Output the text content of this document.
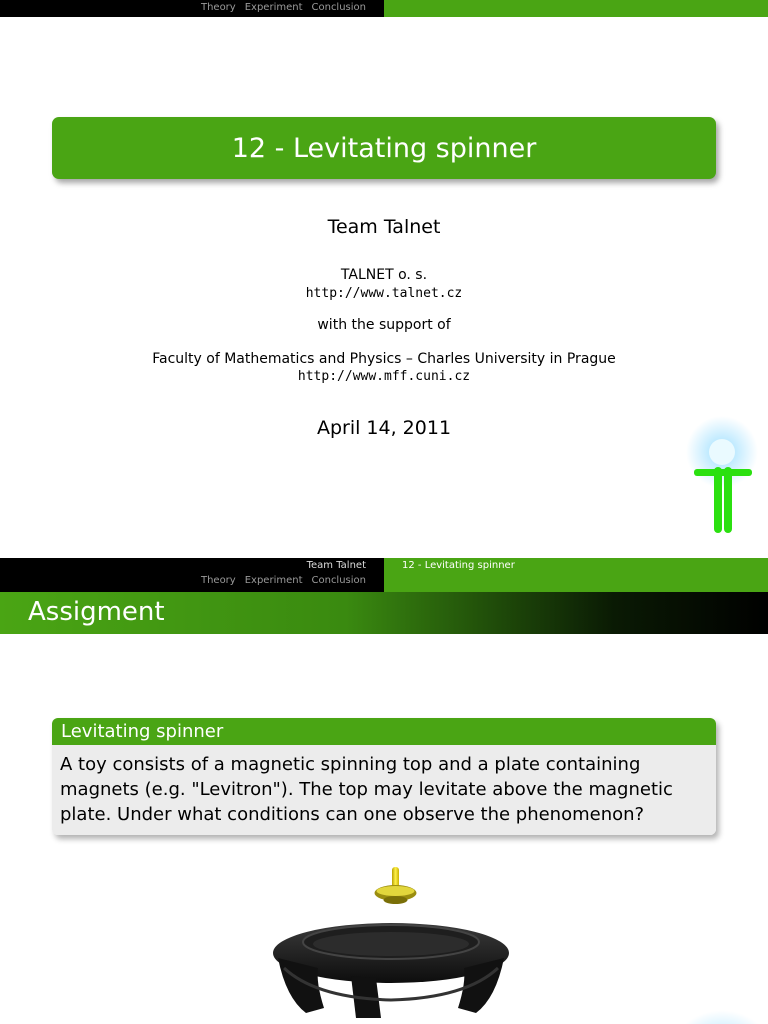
Theory Experiment Conclusion
12 - Levitating spinner
Team Talnet
TALNET o. s.
http://www.talnet.cz
with the support of
Faculty of Mathematics and Physics – Charles University in Prague
http://www.mff.cuni.cz
April 14, 2011
Team Talnet
Theory Experiment Conclusion
12 - Levitating spinner
Assigment
Levitating spinner
A toy consists of a magnetic spinning top and a plate containing magnets (e.g. "Levitron"). The top may levitate above the magnetic plate. Under what conditions can one observe the phenomenon?
